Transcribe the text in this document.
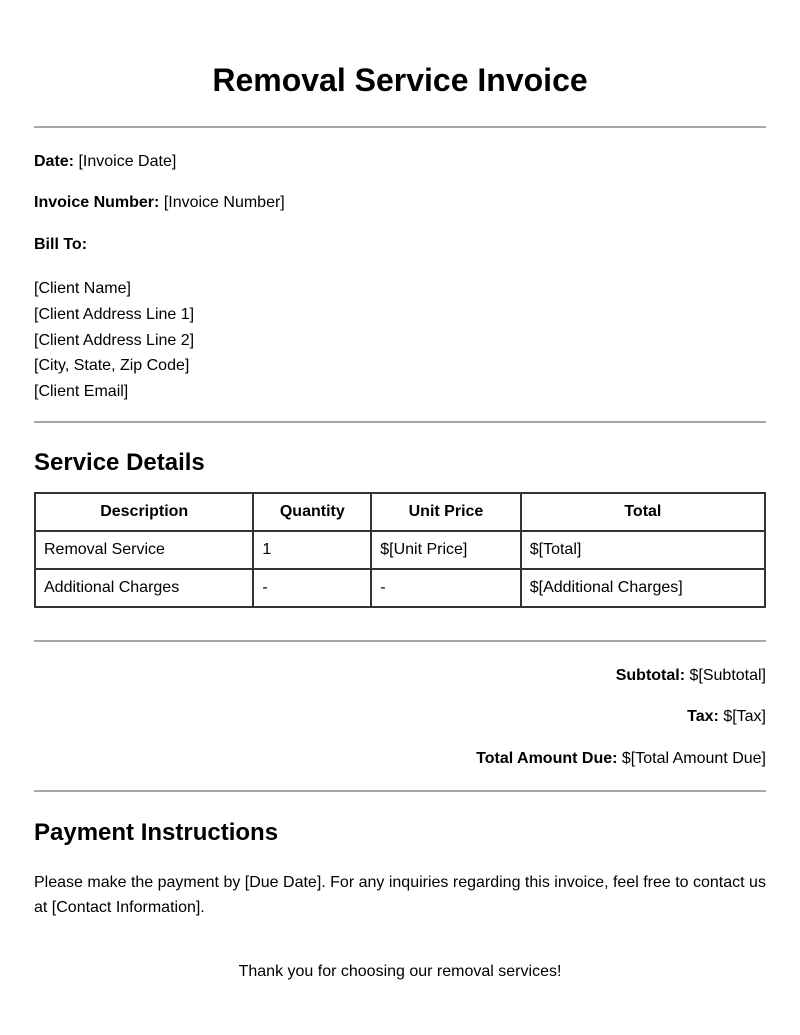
Removal Service Invoice
Date: [Invoice Date]
Invoice Number: [Invoice Number]
Bill To:
[Client Name]
[Client Address Line 1]
[Client Address Line 2]
[City, State, Zip Code]
[Client Email]
Service Details
Description	Quantity	Unit Price	Total
Removal Service	1	$[Unit Price]	$[Total]
Additional Charges	-	-	$[Additional Charges]
Subtotal: $[Subtotal]
Tax: $[Tax]
Total Amount Due: $[Total Amount Due]
Payment Instructions
Please make the payment by [Due Date]. For any inquiries regarding this invoice, feel free to contact us at [Contact Information].
Thank you for choosing our removal services!
